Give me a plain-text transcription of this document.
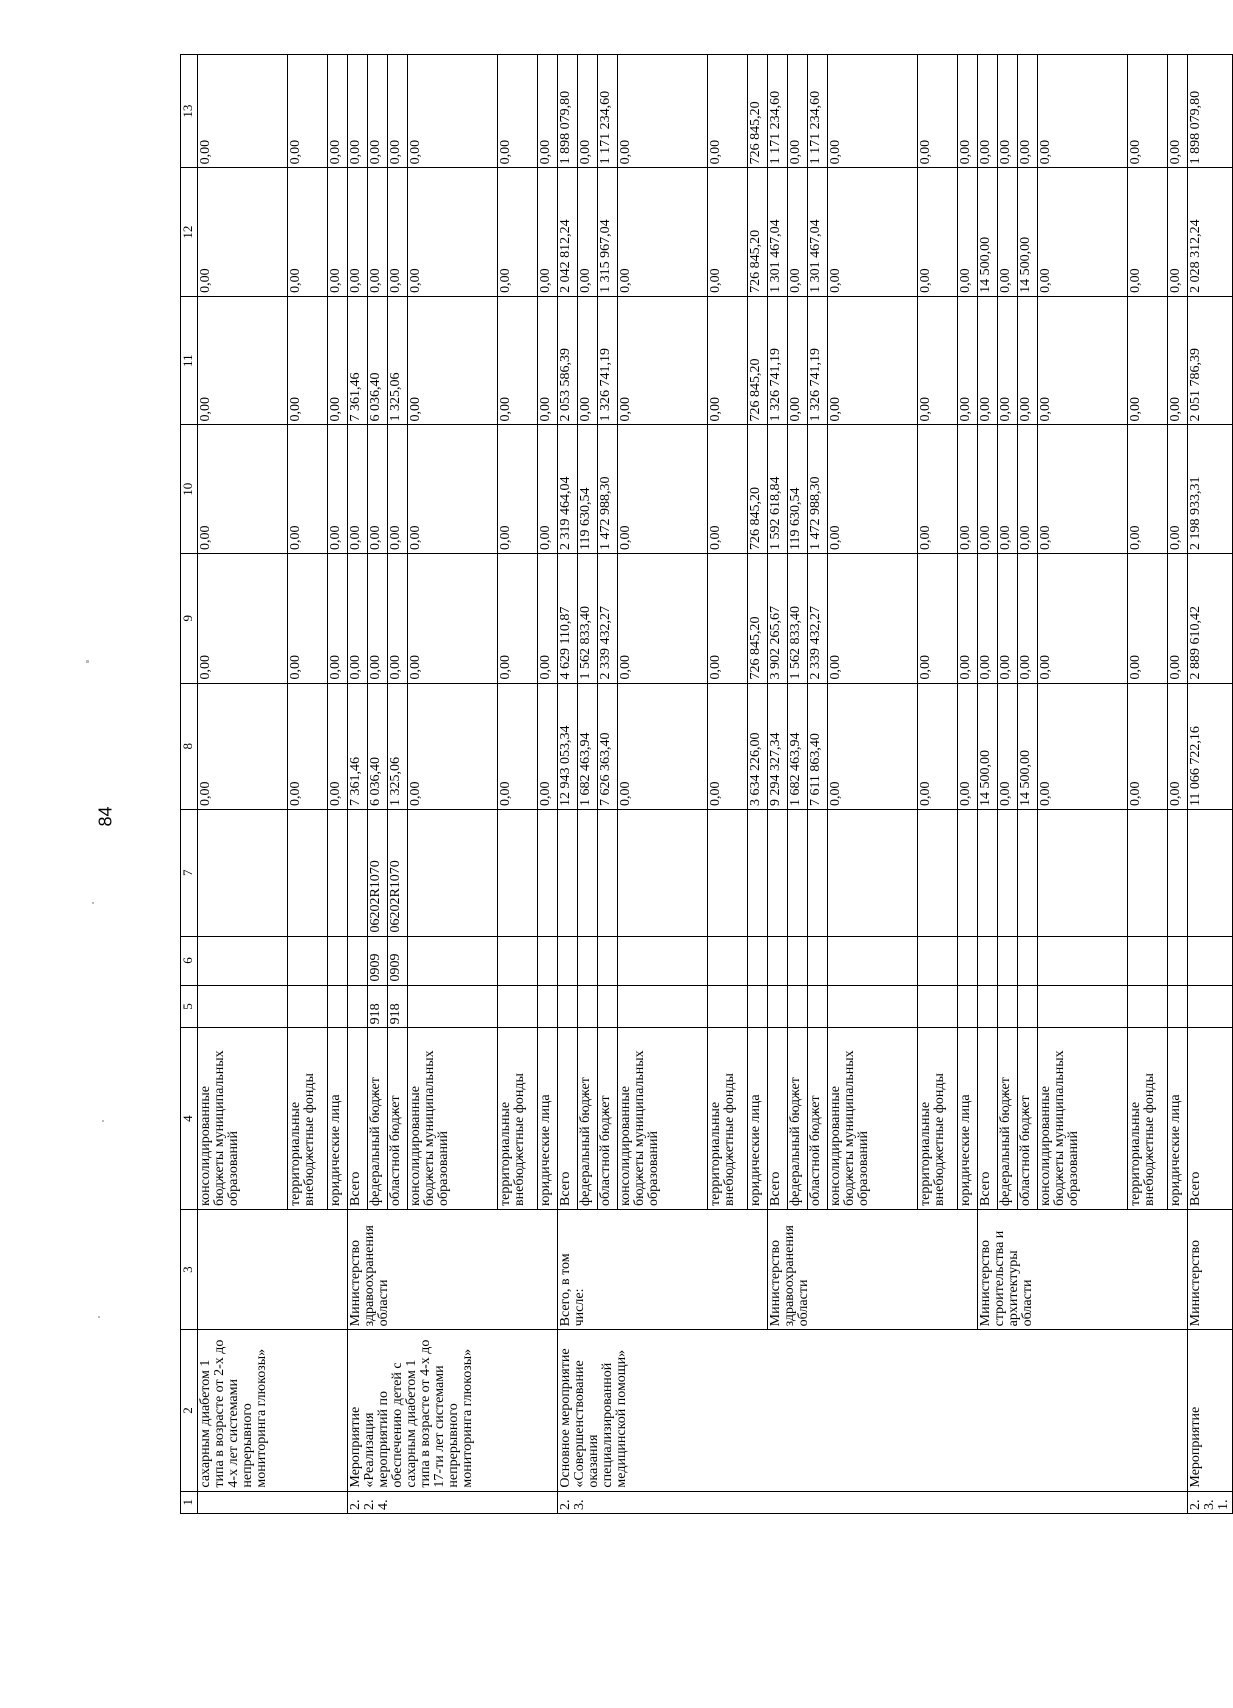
84
1	2	3	4	5	6	7	8	9	10	11	12	13
	сахарным диабетом 1 типа в возрасте от 2-х до 4-х лет системами непрерывного мониторинга глюкозы»		консолидированные бюджеты муниципальных образований				0,00	0,00	0,00	0,00	0,00	0,00
			территориальные внебюджетные фонды				0,00	0,00	0,00	0,00	0,00	0,00
			юридические лица				0,00	0,00	0,00	0,00	0,00	0,00
2.2.4.	Мероприятие «Реализация мероприятий по обеспечению детей с сахарным диабетом 1 типа в возрасте от 4-х до 17-ти лет системами непрерывного мониторинга глюкозы»	Министерство здравоохранения области	Всего				7 361,46	0,00	0,00	7 361,46	0,00	0,00
			федеральный бюджет	918	0909	06202R1070	6 036,40	0,00	0,00	6 036,40	0,00	0,00
			областной бюджет	918	0909	06202R1070	1 325,06	0,00	0,00	1 325,06	0,00	0,00
			консолидированные бюджеты муниципальных образований				0,00	0,00	0,00	0,00	0,00	0,00
			территориальные внебюджетные фонды				0,00	0,00	0,00	0,00	0,00	0,00
			юридические лица				0,00	0,00	0,00	0,00	0,00	0,00
2.3.	Основное мероприятие «Совершенствование оказания специализированной медицинской помощи»	Всего, в том числе:	Всего				12 943 053,34	4 629 110,87	2 319 464,04	2 053 586,39	2 042 812,24	1 898 079,80
			федеральный бюджет				1 682 463,94	1 562 833,40	119 630,54	0,00	0,00	0,00
			областной бюджет				7 626 363,40	2 339 432,27	1 472 988,30	1 326 741,19	1 315 967,04	1 171 234,60
			консолидированные бюджеты муниципальных образований				0,00	0,00	0,00	0,00	0,00	0,00
			территориальные внебюджетные фонды				0,00	0,00	0,00	0,00	0,00	0,00
			юридические лица				3 634 226,00	726 845,20	726 845,20	726 845,20	726 845,20	726 845,20
		Министерство здравоохранения области	Всего				9 294 327,34	3 902 265,67	1 592 618,84	1 326 741,19	1 301 467,04	1 171 234,60
			федеральный бюджет				1 682 463,94	1 562 833,40	119 630,54	0,00	0,00	0,00
			областной бюджет				7 611 863,40	2 339 432,27	1 472 988,30	1 326 741,19	1 301 467,04	1 171 234,60
			консолидированные бюджеты муниципальных образований				0,00	0,00	0,00	0,00	0,00	0,00
			территориальные внебюджетные фонды				0,00	0,00	0,00	0,00	0,00	0,00
			юридические лица				0,00	0,00	0,00	0,00	0,00	0,00
		Министерство строительства и архитектуры области	Всего				14 500,00	0,00	0,00	0,00	14 500,00	0,00
			федеральный бюджет				0,00	0,00	0,00	0,00	0,00	0,00
			областной бюджет				14 500,00	0,00	0,00	0,00	14 500,00	0,00
			консолидированные бюджеты муниципальных образований				0,00	0,00	0,00	0,00	0,00	0,00
			территориальные внебюджетные фонды				0,00	0,00	0,00	0,00	0,00	0,00
			юридические лица				0,00	0,00	0,00	0,00	0,00	0,00
2.3.1.	Мероприятие	Министерство	Всего				11 066 722,16	2 889 610,42	2 198 933,31	2 051 786,39	2 028 312,24	1 898 079,80
